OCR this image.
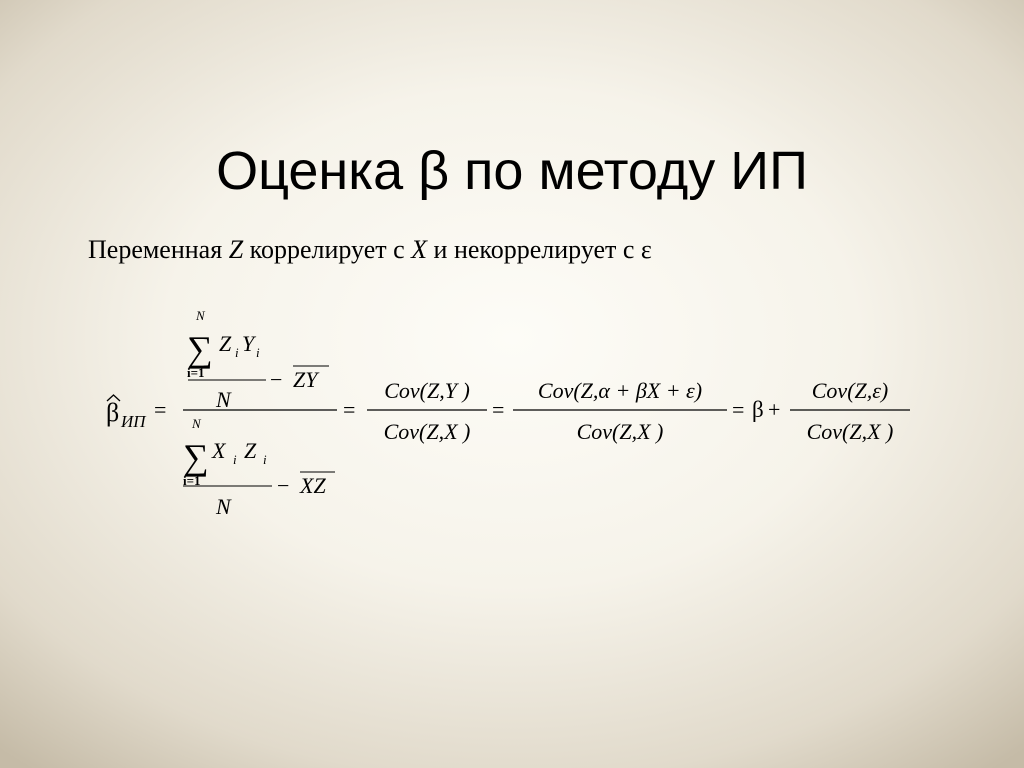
Оценка β по методу ИП

Переменная Z коррелирует с X и некоррелирует с ε

β ИП =
N
∑
i=1
Z i Y i
N
− ZY
N
∑
i=1
X i Z i
N
− XZ
=
Cov(Z,Y )
Cov(Z,X )
=
Cov(Z,α + βX + ε)
Cov(Z,X )
= β +
Cov(Z,ε)
Cov(Z,X )
